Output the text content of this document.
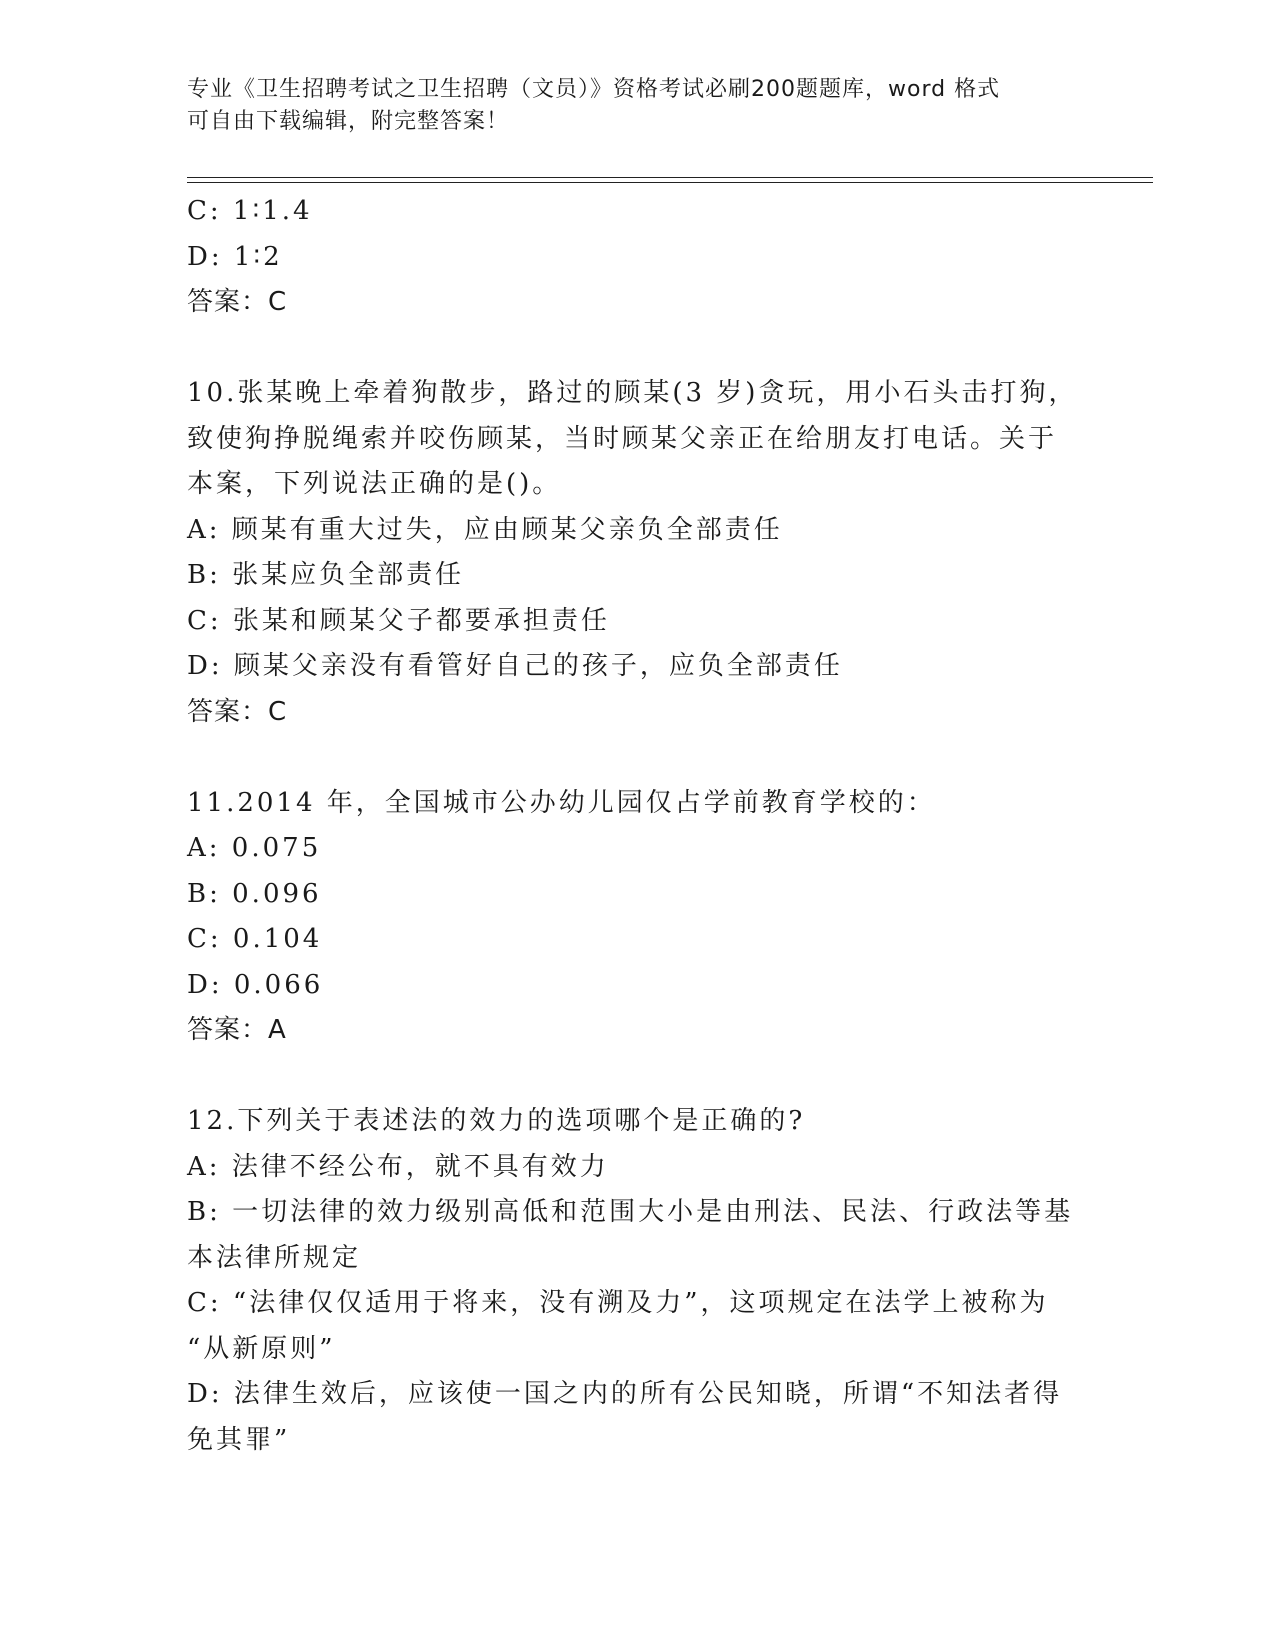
专业《卫生招聘考试之卫生招聘（文员）》资格考试必刷200题题库，word 格式
可自由下载编辑，附完整答案！
C: 1∶1.4
D: 1∶2
答案：C
10.张某晚上牵着狗散步，路过的顾某(3 岁)贪玩，用小石头击打狗，
致使狗挣脱绳索并咬伤顾某，当时顾某父亲正在给朋友打电话。关于
本案，下列说法正确的是()。
A: 顾某有重大过失，应由顾某父亲负全部责任
B: 张某应负全部责任
C: 张某和顾某父子都要承担责任
D: 顾某父亲没有看管好自己的孩子，应负全部责任
答案：C
11.2014 年，全国城市公办幼儿园仅占学前教育学校的：
A: 0.075
B: 0.096
C: 0.104
D: 0.066
答案：A
12.下列关于表述法的效力的选项哪个是正确的?
A: 法律不经公布，就不具有效力
B: 一切法律的效力级别高低和范围大小是由刑法、民法、行政法等基
本法律所规定
C: “法律仅仅适用于将来，没有溯及力”，这项规定在法学上被称为
“从新原则”
D: 法律生效后，应该使一国之内的所有公民知晓，所谓“不知法者得
免其罪”
